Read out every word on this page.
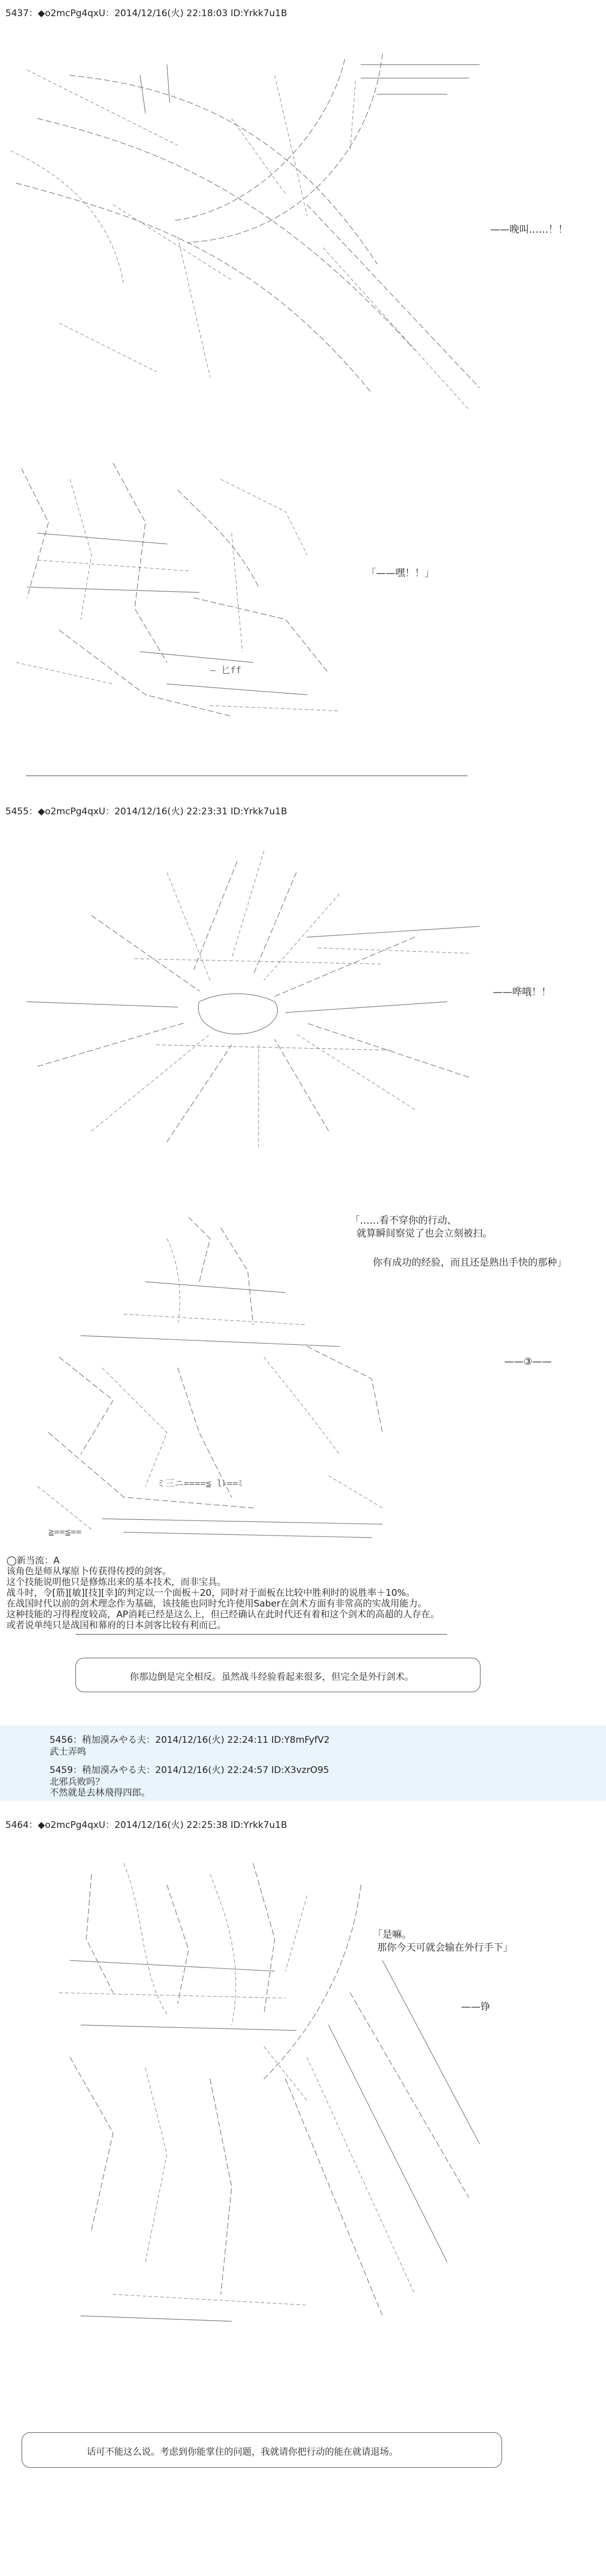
5437：◆o2mcPg4qxU：2014/12/16(火) 22:18:03 ID:Yrkk7u1B
——晚叫……！！
— 匕ff
「——嘿！！」
5455：◆o2mcPg4qxU：2014/12/16(火) 22:23:31 ID:Yrkk7u1B
——哗哦！！
ミ三ニ====≦ lﾚ==ﾐ
≧==≦==
「……看不穿你的行动、
就算瞬间察觉了也会立刻被扫。
你有成功的经验，而且还是熟出手快的那种」
——③——
◯新当流：A
该角色是师从塚原卜传获得传授的剑客。
这个技能说明他只是修炼出来的基本技术，而非宝具。
战斗时，令[筋][敏][技][幸]的判定以一个面板＋20，同时对于面板在比较中胜利时的说胜率＋10%。
在战国时代以前的剑术理念作为基础，该技能也同时允许使用Saber在剑术方面有非常高的实战用能力。
这种技能的习得程度较高，AP消耗已经是这么上，但已经确认在此时代还有着和这个剑术的高超的人存在。
或者说单纯只是战国和幕府的日本剑客比较有利而已。
你那边倒是完全相反。虽然战斗经验看起来很多，但完全是外行剑术。
5456：稍加漠みやる夫：2014/12/16(火) 22:24:11 ID:Y8mFyfV2
武士弄鸣
5459：稍加漠みやる夫：2014/12/16(火) 22:24:57 ID:X3vzrO95
北邪兵败吗？
不然就是去林飛得四郎。
5464：◆o2mcPg4qxU：2014/12/16(火) 22:25:38 ID:Yrkk7u1B
「是嘛。
那你今天可就会输在外行手下」
——铮
话可不能这么说。考虑到你能掌住的问题，我就请你把行动的能在就请退场。
